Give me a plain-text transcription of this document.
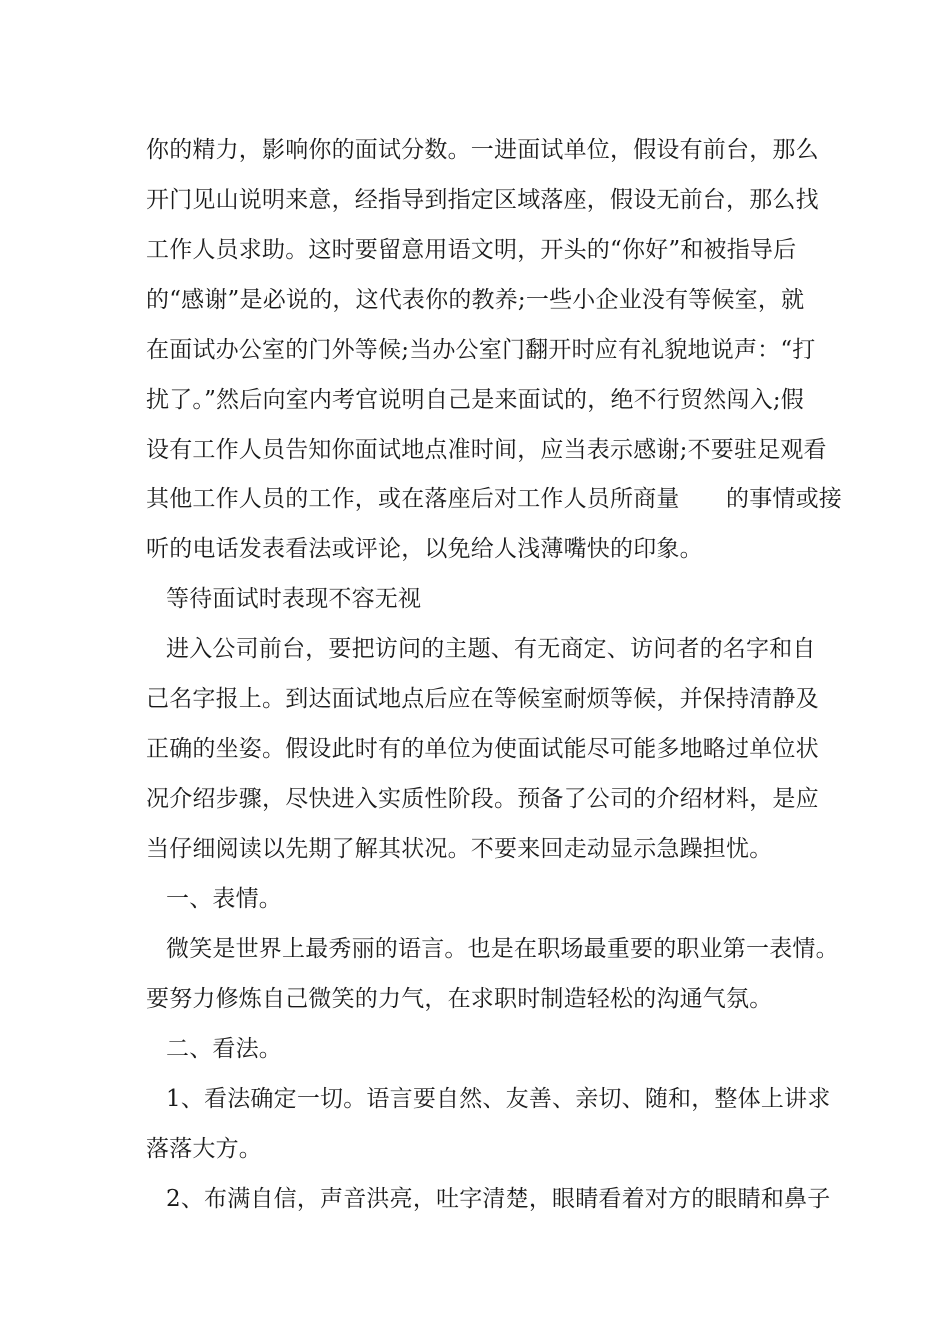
你的精力，影响你的面试分数。一进面试单位，假设有前台，那么
开门见山说明来意，经指导到指定区域落座，假设无前台，那么找
工作人员求助。这时要留意用语文明，开头的“你好”和被指导后
的“感谢”是必说的，这代表你的教养;一些小企业没有等候室，就
在面试办公室的门外等候;当办公室门翻开时应有礼貌地说声：“打
扰了。”然后向室内考官说明自己是来面试的，绝不行贸然闯入;假
设有工作人员告知你面试地点准时间，应当表示感谢;不要驻足观看
其他工作人员的工作，或在落座后对工作人员所商量　　的事情或接
听的电话发表看法或评论，以免给人浅薄嘴快的印象。
等待面试时表现不容无视
进入公司前台，要把访问的主题、有无商定、访问者的名字和自
己名字报上。到达面试地点后应在等候室耐烦等候，并保持清静及
正确的坐姿。假设此时有的单位为使面试能尽可能多地略过单位状
况介绍步骤，尽快进入实质性阶段。预备了公司的介绍材料，是应
当仔细阅读以先期了解其状况。不要来回走动显示急躁担忧。
一、表情。
微笑是世界上最秀丽的语言。也是在职场最重要的职业第一表情。
要努力修炼自己微笑的力气，在求职时制造轻松的沟通气氛。
二、看法。
1、看法确定一切。语言要自然、友善、亲切、随和，整体上讲求
落落大方。
2、布满自信，声音洪亮，吐字清楚，眼睛看着对方的眼睛和鼻子
